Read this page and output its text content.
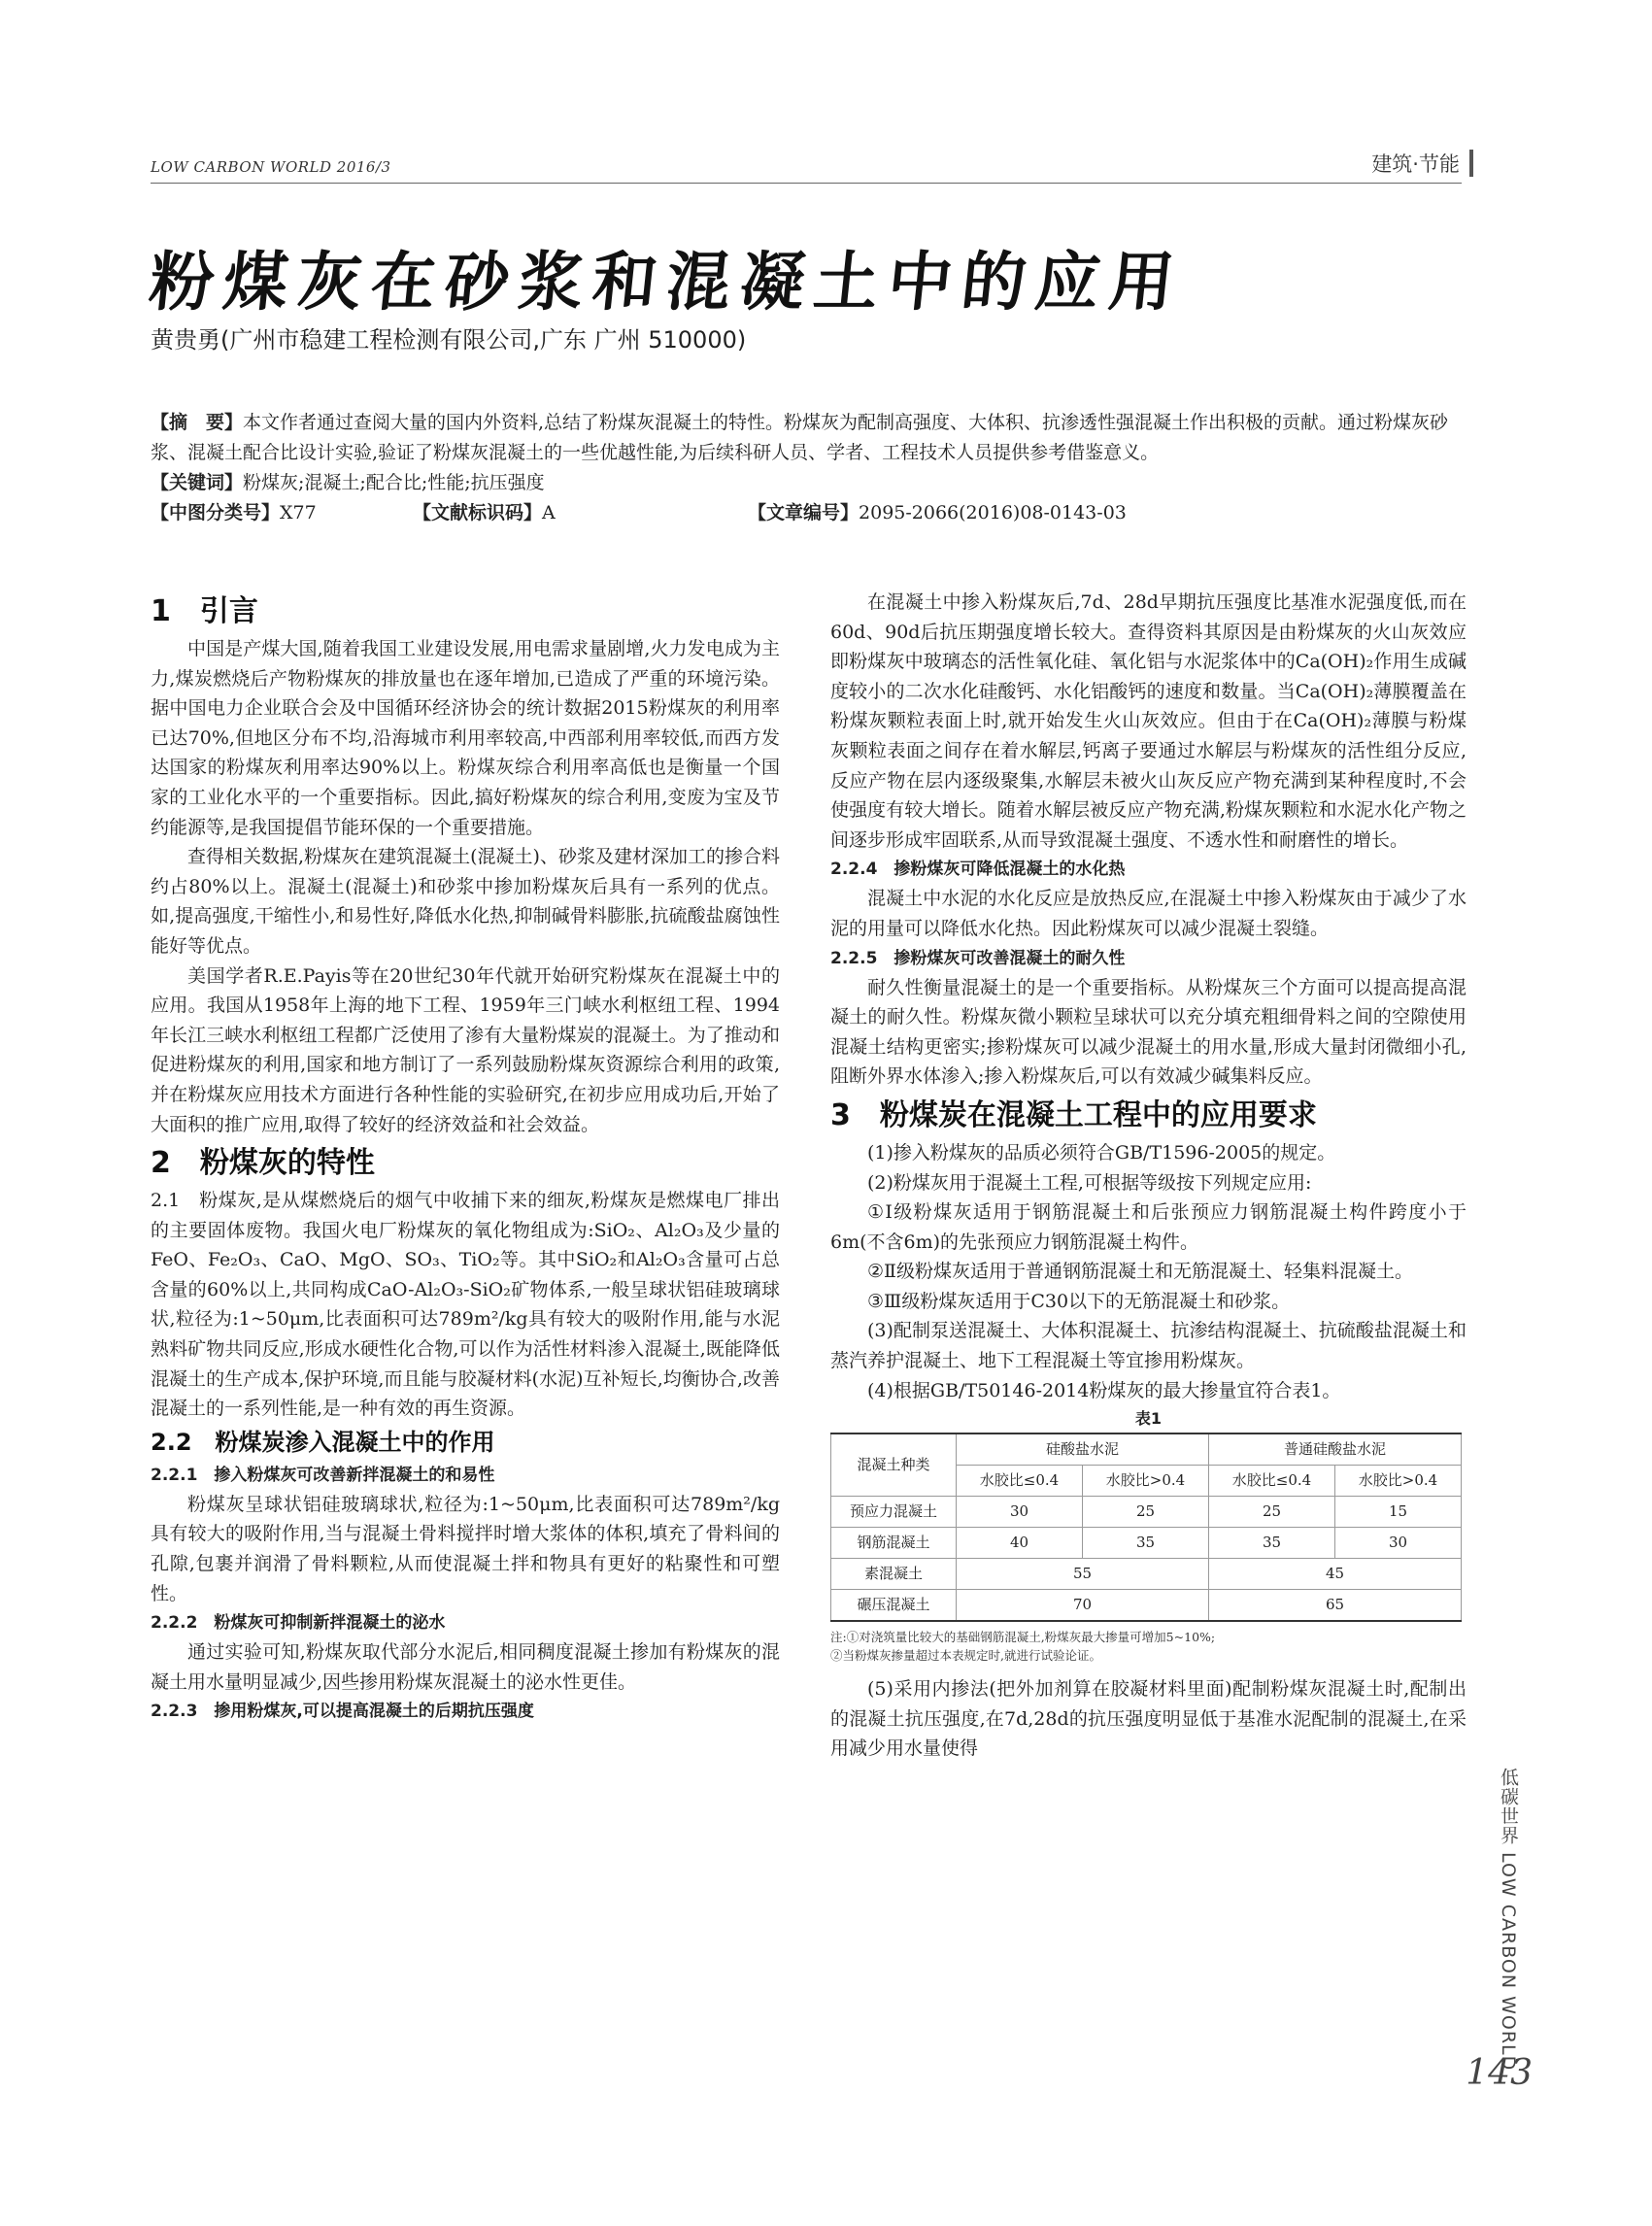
LOW CARBON WORLD 2016/3	建筑·节能
粉煤灰在砂浆和混凝土中的应用
黄贵勇(广州市稳建工程检测有限公司,广东 广州 510000)

【摘　要】本文作者通过查阅大量的国内外资料,总结了粉煤灰混凝土的特性。粉煤灰为配制高强度、大体积、抗渗透性强混凝土作出积极的贡献。通过粉煤灰砂浆、混凝土配合比设计实验,验证了粉煤灰混凝土的一些优越性能,为后续科研人员、学者、工程技术人员提供参考借鉴意义。

【关键词】粉煤灰;混凝土;配合比;性能;抗压强度

【中图分类号】X77	【文献标识码】A	【文章编号】2095-2066(2016)08-0143-03
1　引言

中国是产煤大国,随着我国工业建设发展,用电需求量剧增,火力发电成为主力,煤炭燃烧后产物粉煤灰的排放量也在逐年增加,已造成了严重的环境污染。据中国电力企业联合会及中国循环经济协会的统计数据2015粉煤灰的利用率已达70%,但地区分布不均,沿海城市利用率较高,中西部利用率较低,而西方发达国家的粉煤灰利用率达90%以上。粉煤灰综合利用率高低也是衡量一个国家的工业化水平的一个重要指标。因此,搞好粉煤灰的综合利用,变废为宝及节约能源等,是我国提倡节能环保的一个重要措施。

查得相关数据,粉煤灰在建筑混凝土(混凝土)、砂浆及建材深加工的掺合料约占80%以上。混凝土(混凝土)和砂浆中掺加粉煤灰后具有一系列的优点。如,提高强度,干缩性小,和易性好,降低水化热,抑制碱骨料膨胀,抗硫酸盐腐蚀性能好等优点。

美国学者R.E.Payis等在20世纪30年代就开始研究粉煤灰在混凝土中的应用。我国从1958年上海的地下工程、1959年三门峡水利枢纽工程、1994年长江三峡水利枢纽工程都广泛使用了渗有大量粉煤炭的混凝土。为了推动和促进粉煤灰的利用,国家和地方制订了一系列鼓励粉煤灰资源综合利用的政策,并在粉煤灰应用技术方面进行各种性能的实验研究,在初步应用成功后,开始了大面积的推广应用,取得了较好的经济效益和社会效益。

2　粉煤灰的特性

2.1　粉煤灰,是从煤燃烧后的烟气中收捕下来的细灰,粉煤灰是燃煤电厂排出的主要固体废物。我国火电厂粉煤灰的氧化物组成为:SiO₂、Al₂O₃及少量的FeO、Fe₂O₃、CaO、MgO、SO₃、TiO₂等。其中SiO₂和Al₂O₃含量可占总含量的60%以上,共同构成CaO-Al₂O₃-SiO₂矿物体系,一般呈球状铝硅玻璃球状,粒径为:1~50μm,比表面积可达789m²/kg具有较大的吸附作用,能与水泥熟料矿物共同反应,形成水硬性化合物,可以作为活性材料渗入混凝土,既能降低混凝土的生产成本,保护环境,而且能与胶凝材料(水泥)互补短长,均衡协合,改善混凝土的一系列性能,是一种有效的再生资源。

2.2　粉煤炭渗入混凝土中的作用
2.2.1　掺入粉煤灰可改善新拌混凝土的和易性

粉煤灰呈球状铝硅玻璃球状,粒径为:1~50μm,比表面积可达789m²/kg具有较大的吸附作用,当与混凝土骨料搅拌时增大浆体的体积,填充了骨料间的孔隙,包裹并润滑了骨料颗粒,从而使混凝土拌和物具有更好的粘聚性和可塑性。

2.2.2　粉煤灰可抑制新拌混凝土的泌水

通过实验可知,粉煤灰取代部分水泥后,相同稠度混凝土掺加有粉煤灰的混凝土用水量明显减少,因些掺用粉煤灰混凝土的泌水性更佳。

2.2.3　掺用粉煤灰,可以提高混凝土的后期抗压强度

在混凝土中掺入粉煤灰后,7d、28d早期抗压强度比基准水泥强度低,而在60d、90d后抗压期强度增长较大。查得资料其原因是由粉煤灰的火山灰效应即粉煤灰中玻璃态的活性氧化硅、氧化铝与水泥浆体中的Ca(OH)₂作用生成碱度较小的二次水化硅酸钙、水化铝酸钙的速度和数量。当Ca(OH)₂薄膜覆盖在粉煤灰颗粒表面上时,就开始发生火山灰效应。但由于在Ca(OH)₂薄膜与粉煤灰颗粒表面之间存在着水解层,钙离子要通过水解层与粉煤灰的活性组分反应,反应产物在层内逐级聚集,水解层未被火山灰反应产物充满到某种程度时,不会使强度有较大增长。随着水解层被反应产物充满,粉煤灰颗粒和水泥水化产物之间逐步形成牢固联系,从而导致混凝土强度、不透水性和耐磨性的增长。

2.2.4　掺粉煤灰可降低混凝土的水化热

混凝土中水泥的水化反应是放热反应,在混凝土中掺入粉煤灰由于减少了水泥的用量可以降低水化热。因此粉煤灰可以减少混凝土裂缝。

2.2.5　掺粉煤灰可改善混凝土的耐久性

耐久性衡量混凝土的是一个重要指标。从粉煤灰三个方面可以提高提高混凝土的耐久性。粉煤灰微小颗粒呈球状可以充分填充粗细骨料之间的空隙使用混凝土结构更密实;掺粉煤灰可以减少混凝土的用水量,形成大量封闭微细小孔,阻断外界水体渗入;掺入粉煤灰后,可以有效减少碱集料反应。

3　粉煤炭在混凝土工程中的应用要求

(1)掺入粉煤灰的品质必须符合GB/T1596-2005的规定。

(2)粉煤灰用于混凝土工程,可根据等级按下列规定应用:

①Ⅰ级粉煤灰适用于钢筋混凝土和后张预应力钢筋混凝土构件跨度小于6m(不含6m)的先张预应力钢筋混凝土构件。

②Ⅱ级粉煤灰适用于普通钢筋混凝土和无筋混凝土、轻集料混凝土。

③Ⅲ级粉煤灰适用于C30以下的无筋混凝土和砂浆。

(3)配制泵送混凝土、大体积混凝土、抗渗结构混凝土、抗硫酸盐混凝土和蒸汽养护混凝土、地下工程混凝土等宜掺用粉煤灰。

(4)根据GB/T50146-2014粉煤灰的最大掺量宜符合表1。

表1
混凝土种类	硅酸盐水泥		普通硅酸盐水泥	
	水胶比≤0.4	水胶比>0.4	水胶比≤0.4	水胶比>0.4
预应力混凝土	30	25	25	15
钢筋混凝土	40	35	35	30
素混凝土	55		45	
碾压混凝土	70		65	
注:①对浇筑量比较大的基础钢筋混凝土,粉煤灰最大掺量可增加5~10%;
②当粉煤灰掺量超过本表规定时,就进行试验论证。

(5)采用内掺法(把外加剂算在胶凝材料里面)配制粉煤灰混凝土时,配制出的混凝土抗压强度,在7d,28d的抗压强度明显低于基准水泥配制的混凝土,在采用减少用水量使得

低碳世界 LOW CARBON WORLD
143
